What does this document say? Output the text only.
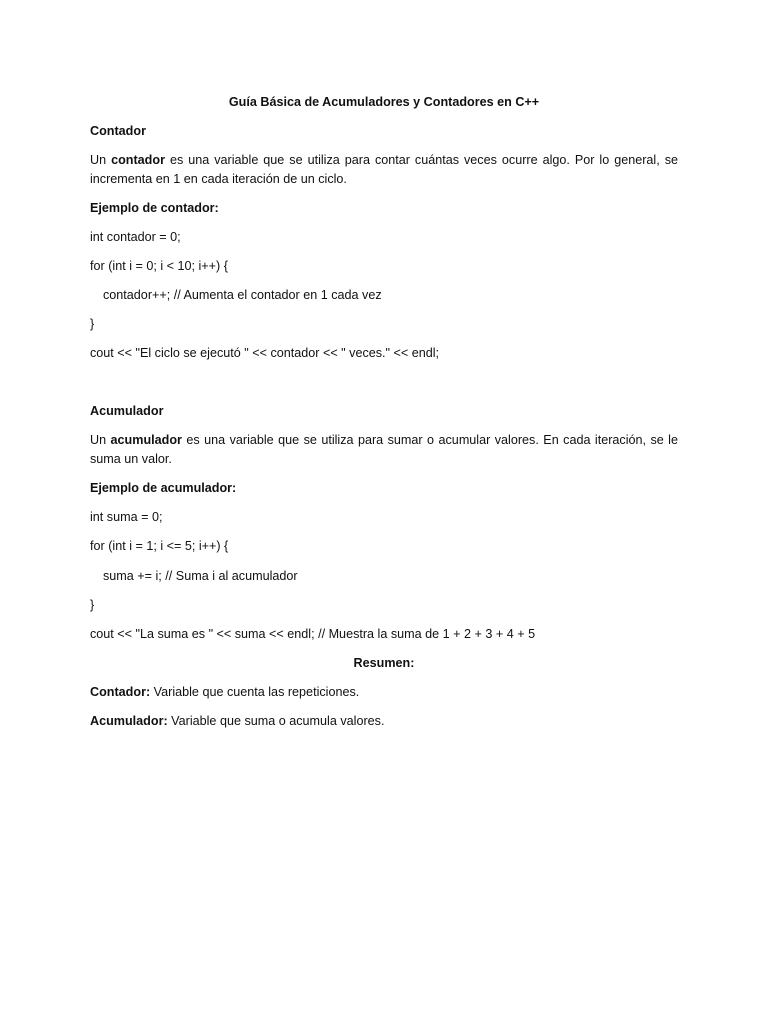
Guía Básica de Acumuladores y Contadores en C++
Contador
Un contador es una variable que se utiliza para contar cuántas veces ocurre algo. Por lo general, se incrementa en 1 en cada iteración de un ciclo.
Ejemplo de contador:
int contador = 0;
for (int i = 0; i < 10; i++) {
contador++; // Aumenta el contador en 1 cada vez
}
cout << "El ciclo se ejecutó " << contador << " veces." << endl;
Acumulador
Un acumulador es una variable que se utiliza para sumar o acumular valores. En cada iteración, se le suma un valor.
Ejemplo de acumulador:
int suma = 0;
for (int i = 1; i <= 5; i++) {
suma += i; // Suma i al acumulador
}
cout << "La suma es " << suma << endl; // Muestra la suma de 1 + 2 + 3 + 4 + 5
Resumen:
Contador: Variable que cuenta las repeticiones.
Acumulador: Variable que suma o acumula valores.
